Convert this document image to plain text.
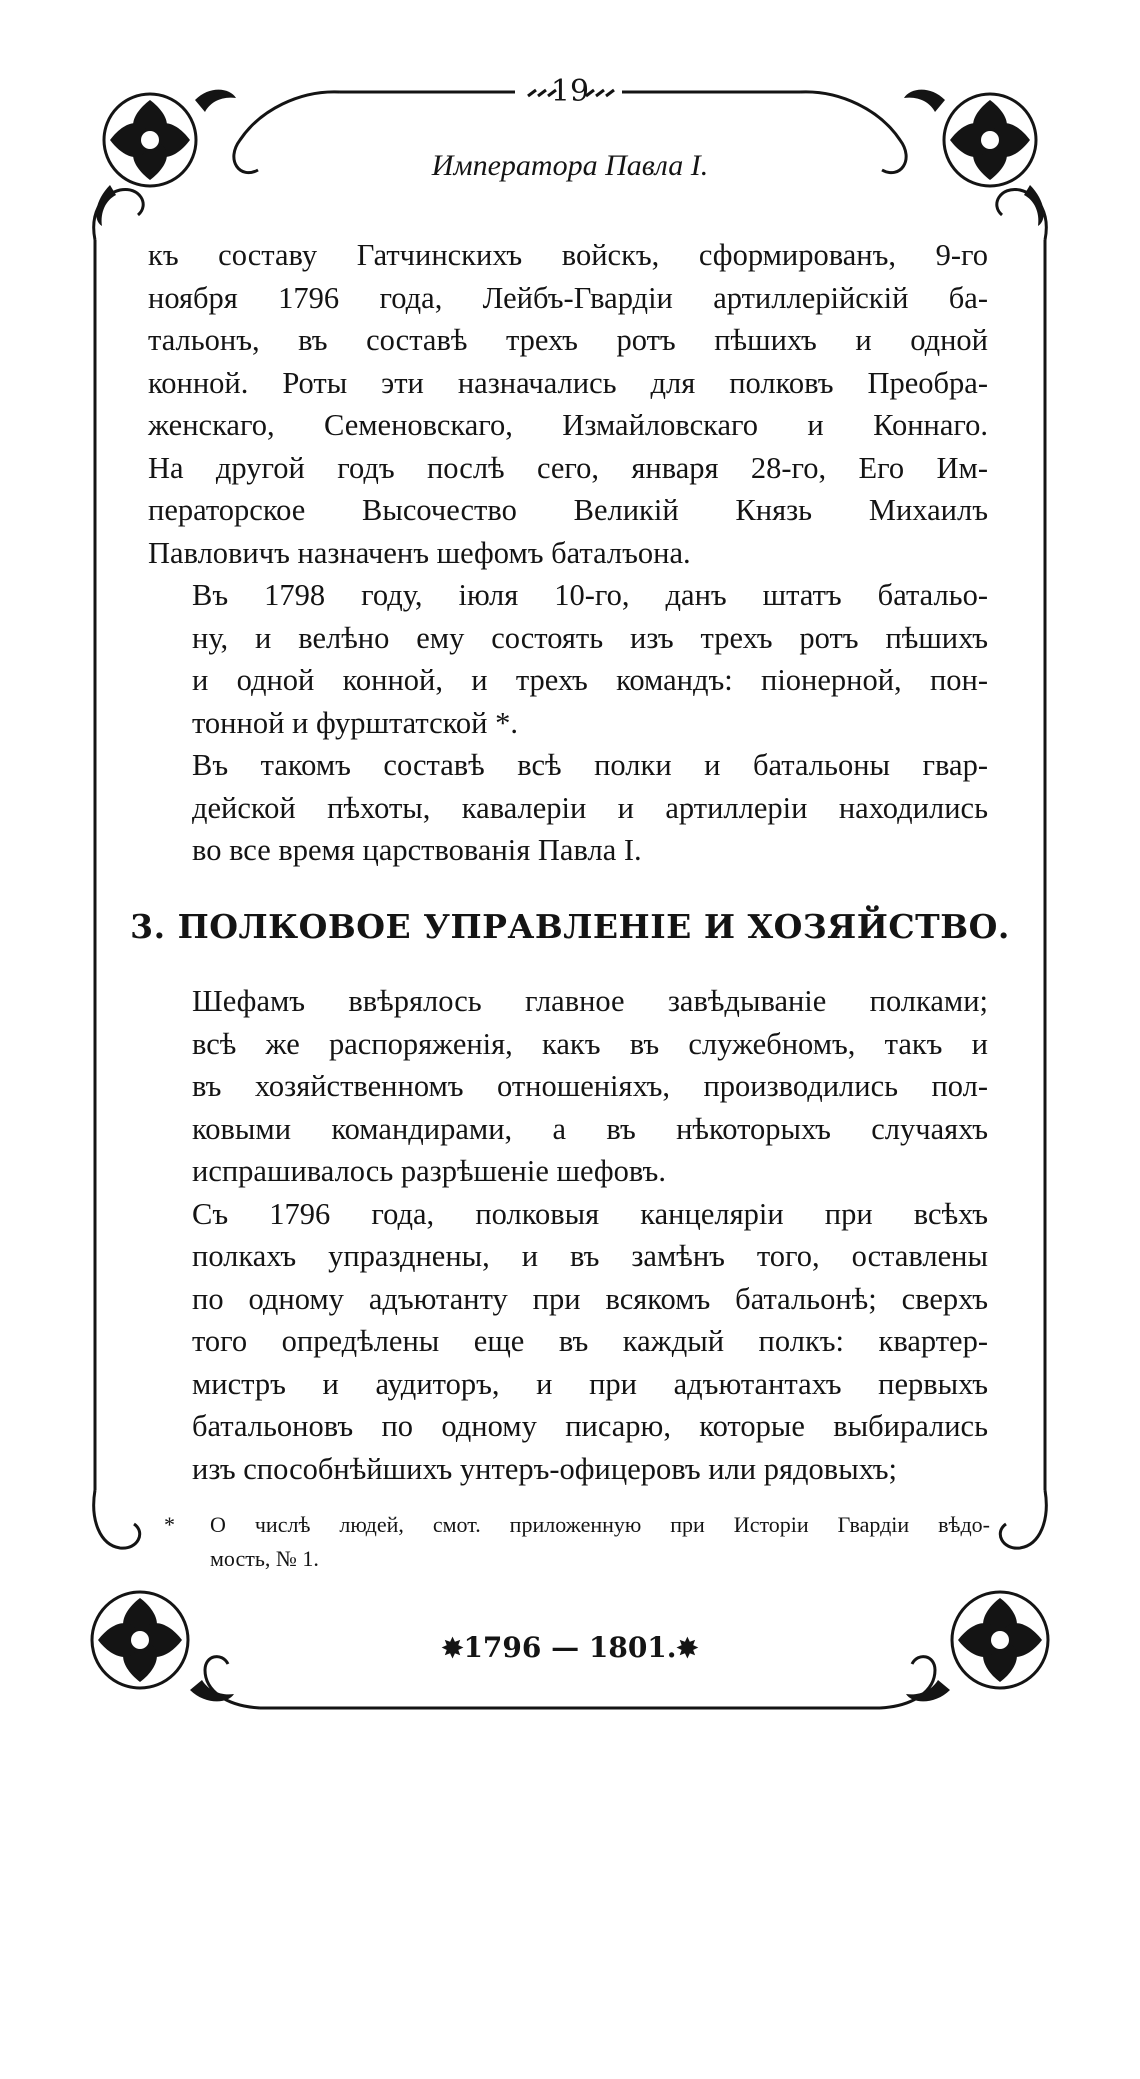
19
Императора Павла I.

къ составу Гатчинскихъ войскъ, сформированъ, 9-го
ноября 1796 года, Лейбъ-Гвардіи артиллерійскій ба-
тальонъ, въ составѣ трехъ ротъ пѣшихъ и одной
конной. Роты эти назначались для полковъ Преобра-
женскаго, Семеновскаго, Измайловскаго и Коннаго.
На другой годъ послѣ сего, января 28-го, Его Им-
ператорское Высочество Великій Князь Михаилъ
Павловичъ назначенъ шефомъ баталъона.

Въ 1798 году, іюля 10-го, данъ штатъ батальо-
ну, и велѣно ему состоять изъ трехъ ротъ пѣшихъ
и одной конной, и трехъ командъ: піонерной, пон-
тонной и фурштатской *.

Въ такомъ составѣ всѣ полки и батальоны гвар-
дейской пѣхоты, кавалеріи и артиллеріи находились
во все время царствованія Павла I.

3. ПОЛКОВОЕ УПРАВЛЕНІЕ И ХОЗЯЙСТВО.

Шефамъ ввѣрялось главное завѣдываніе полками;
всѣ же распоряженія, какъ въ служебномъ, такъ и
въ хозяйственномъ отношеніяхъ, производились пол-
ковыми командирами, а въ нѣкоторыхъ случаяхъ
испрашивалось разрѣшеніе шефовъ.

Съ 1796 года, полковыя канцеляріи при всѣхъ
полкахъ упразднены, и въ замѣнъ того, оставлены
по одному адъютанту при всякомъ батальонѣ; сверхъ
того опредѣлены еще въ каждый полкъ: квартер-
мистръ и аудиторъ, и при адъютантахъ первыхъ
батальоновъ по одному писарю, которые выбирались
изъ способнѣйшихъ унтеръ-офицеровъ или рядовыхъ;

* О числѣ людей, смот. приложенную при Исторіи Гвардіи вѣдо-
мость, № 1.
✸1796 — 1801.✸
